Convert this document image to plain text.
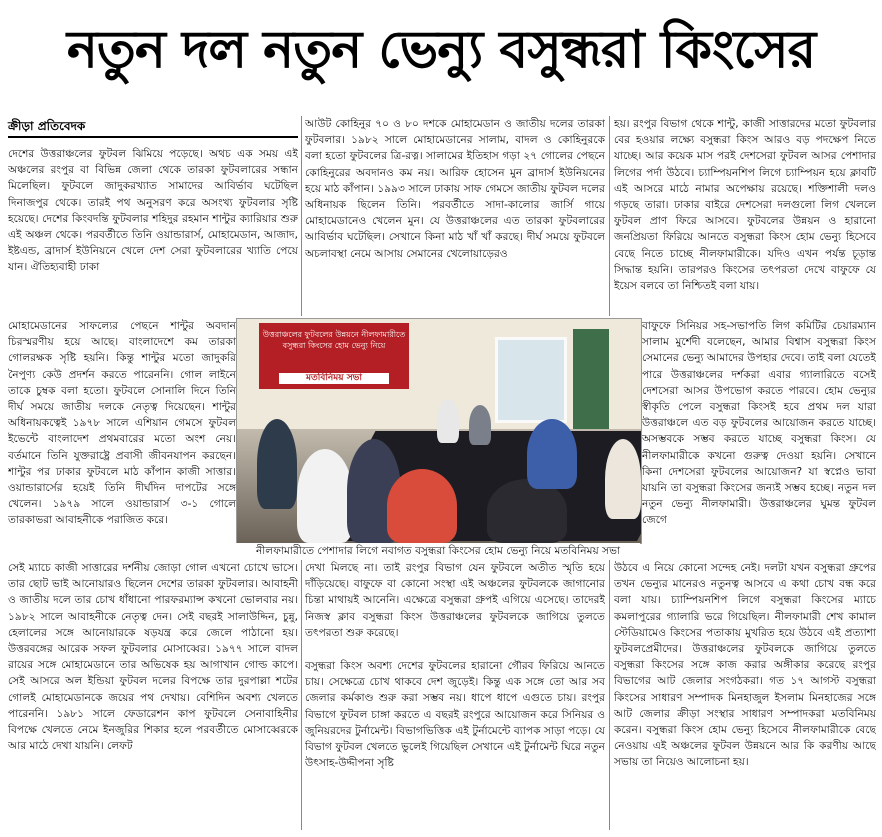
নতুন দল নতুন ভেন্যু বসুন্ধরা কিংসের
ক্রীড়া প্রতিবেদক
দেশের উত্তরাঞ্চলের ফুটবল ঝিমিয়ে পড়েছে। অথচ এক সময় এই অঞ্চলের রংপুর বা বিভিন্ন জেলা থেকে তারকা ফুটবলারের সন্ধান মিলেছিল। ফুটবলে জাদুকরখ্যাত সামাদের আবির্ভাব ঘটেছিল দিনাজপুর থেকে। তারই পথ অনুসরণ করে অসংখ্য ফুটবলার সৃষ্টি হয়েছে। দেশের কিংবদন্তি ফুটবলার শহিদুর রহমান শান্টুর ক্যারিয়ার শুরু এই অঞ্চল থেকে। পরবর্তীতে তিনি ওয়ান্ডারার্স, মোহামেডান, আজাদ, ইষ্টএন্ড, ব্রাদার্স ইউনিয়নে খেলে দেশ সেরা ফুটবলারের খ্যাতি পেয়ে যান। ঐতিহ্যবাহী ঢাকা
আউট কোহিনুর ৭০ ও ৮০ দশকে মোহামেডান ও জাতীয় দলের তারকা ফুটবলার। ১৯৮২ সালে মোহামেডানের সালাম, বাদল ও কোহিনুরকে বলা হতো ফুটবলের ত্রি-রত্ন। সালামের ইতিহাস গড়া ২৭ গোলের পেছনে কোহিনুরের অবদানও কম নয়। আরিফ হোসেন মুন ব্রাদার্স ইউনিয়নের হয়ে মাঠ কাঁপান। ১৯৯৩ সালে ঢাকায় সাফ গেমসে জাতীয় ফুটবল দলের অধিনায়ক ছিলেন তিনি। পরবর্তীতে সাদা-কালোর জার্সি গায়ে মোহামেডানেও খেলেন মুন। যে উত্তরাঞ্চলের এত তারকা ফুটবলারের আবির্ভাব ঘটেছিল। সেখানে কিনা মাঠ খাঁ খাঁ করছে। দীর্ঘ সময়ে ফুটবলে অচলাবস্থা নেমে আসায় সেমানের খেলোয়াড়েরও
হয়। রংপুর বিভাগ থেকে শান্টু, কাজী সাত্তারদের মতো ফুটবলার বের হওয়ার লক্ষ্যে বসুন্ধরা কিংস আরও বড় পদক্ষেপ নিতে যাচ্ছে। আর কয়েক মাস পরই দেশসেরা ফুটবল আসর পেশাদার লিগের পর্দা উঠবে। চ্যাম্পিয়নশিপ লিগে চ্যাম্পিয়ন হয়ে ক্লাবটি এই আসরে মাঠে নামার অপেক্ষায় রয়েছে। শক্তিশালী দলও গড়ছে তারা। ঢাকার বাইরে দেশসেরা দলগুলো লিগ খেললে ফুটবল প্রাণ ফিরে আসবে। ফুটবলের উন্নয়ন ও হারানো জনপ্রিয়তা ফিরিয়ে আনতে বসুন্ধরা কিংস হোম ভেন্যু হিসেবে বেছে নিতে চাচ্ছে নীলফামারীকে। যদিও এখন পর্যন্ত চূড়ান্ত সিদ্ধান্ত হয়নি। তারপরও কিংসের তৎপরতা দেখে বাফুফে যে ইয়েস বলবে তা নিশ্চিতই বলা যায়।
মোহামেডানের সাফল্যের পেছনে শান্টুর অবদান চিরস্মরণীয় হয়ে আছে। বাংলাদেশে কম তারকা গোলরক্ষক সৃষ্টি হয়নি। কিন্তু শান্টুর মতো জাদুকরি নৈপুণ্য কেউ প্রদর্শন করতে পারেননি। গোল লাইনে তাকে চুম্বক বলা হতো। ফুটবলে সোনালি দিনে তিনি দীর্ঘ সময়ে জাতীয় দলকে নেতৃত্ব দিয়েছেন। শান্টুর অধিনায়কত্বেই ১৯৭৮ সালে এশিয়ান গেমসে ফুটবল ইভেন্টে বাংলাদেশ প্রথমবারের মতো অংশ নেয়। বর্তমানে তিনি যুক্তরাষ্ট্রে প্রবাসী জীবনযাপন করছেন। শান্টুর পর ঢাকার ফুটবলে মাঠ কাঁপান কাজী সাত্তার। ওয়ান্ডারার্সের হয়েই তিনি দীর্ঘদিন দাপটের সঙ্গে খেলেন। ১৯৭৯ সালে ওয়ান্ডারার্স ৩-১ গোলে তারকাভরা আবাহনীকে পরাজিত করে।
বাফুফে সিনিয়র সহ-সভাপতি লিগ কমিটির চেয়ারম্যান সালাম মুর্শেদী বলেছেন, আমার বিশ্বাস বসুন্ধরা কিংস সেমানের ভেন্যু আমাদের উপহার দেবে। তাই বলা যেতেই পারে উত্তরাঞ্চলের দর্শকরা এবার গ্যালারিতে বসেই দেশসেরা আসর উপভোগ করতে পারবে। হোম ভেন্যুর স্বীকৃতি পেলে বসুন্ধরা কিংসই হবে প্রথম দল যারা উত্তরাঞ্চলে এত বড় ফুটবলের আয়োজন করতে যাচ্ছে। অসম্ভবকে সম্ভব করতে যাচ্ছে বসুন্ধরা কিংস। যে নীলফামারীকে কখনো গুরুত্ব দেওয়া হয়নি। সেখানে কিনা দেশসেরা ফুটবলের আয়োজন? যা স্বপ্নেও ভাবা যায়নি তা বসুন্ধরা কিংসের জন্যই সম্ভব হচ্ছে। নতুন দল নতুন ভেন্যু নীলফামারী। উত্তরাঞ্চলের ঘুমন্ত ফুটবল জেগে
উত্তরাঞ্চলের ফুটবলের উন্নয়নে নীলফামারীতে বসুন্ধরা কিংসের হোম ভেন্যু নিয়ে
মতবিনিময় সভা
নীলফামারীতে পেশাদার লিগে নবাগত বসুন্ধরা কিংসের হোম ভেন্যু নিয়ে মতবিনিময় সভা
সেই ম্যাচে কাজী সাত্তারের দর্শনীয় জোড়া গোল এখনো চোখে ভাসে। তার ছোট ভাই আনোয়ারও ছিলেন দেশের তারকা ফুটবলার। আবাহনী ও জাতীয় দলে তার চোখ ধাঁধানো পারফরম্যান্স কখনো ভোলবার নয়। ১৯৮২ সালে আবাহনীকে নেতৃত্ব দেন। সেই বছরই সালাউদ্দিন, চুন্নু, হেলালের সঙ্গে আনোয়ারকে ষড়যন্ত্র করে জেলে পাঠানো হয়। উত্তরবঙ্গের আরেক সফল ফুটবলার মোসাব্বের। ১৯৭৭ সালে বাদল রায়ের সঙ্গে মোহামেডানে তার অভিষেক হয় আগাখান গোল্ড কাপে। সেই আসরে অল ইন্ডিয়া ফুটবল দলের বিপক্ষে তার দুরপাল্লা শটের গোলই মোহামেডানকে জয়ের পথ দেখায়। বেশিদিন অবশ্য খেলতে পারেননি। ১৯৮১ সালে ফেডারেশন কাপ ফুটবলে সেনাবাহিনীর বিপক্ষে খেলতে নেমে ইনজুরির শিকার হলে পরবর্তীতে মোসাব্বেরকে আর মাঠে দেখা যায়নি। লেফট
দেখা মিলছে না। তাই রংপুর বিভাগ যেন ফুটবলে অতীত স্মৃতি হয়ে দাঁড়িয়েছে। বাফুফে বা কোনো সংস্থা এই অঞ্চলের ফুটবলকে জাগানোর চিন্তা মাথায়ই আনেনি। এক্ষেত্রে বসুন্ধরা গ্রুপই এগিয়ে এসেছে। তাদেরই নিজস্ব ক্লাব বসুন্ধরা কিংস উত্তরাঞ্চলের ফুটবলকে জাগিয়ে তুলতে তৎপরতা শুরু করেছে।
বসুন্ধরা কিংস অবশ্য দেশের ফুটবলের হারানো গৌরব ফিরিয়ে আনতে চায়। সেক্ষেত্রে চোখ থাকবে দেশ জুড়েই। কিন্তু এক সঙ্গে তো আর সব জেলার কর্মকাণ্ড শুরু করা সম্ভব নয়। ধাপে ধাপে এগুতে চায়। রংপুর বিভাগে ফুটবল চাঙ্গা করতে এ বছরই রংপুরে আয়োজন করে সিনিয়র ও জুনিয়রদের টুর্নামেন্ট। বিভাগভিত্তিক এই টুর্নামেন্টে ব্যাপক সাড়া পড়ে। যে বিভাগ ফুটবল খেলতে ভুলেই গিয়েছিল সেখানে এই টুর্নামেন্ট ঘিরে নতুন উৎসাহ-উদ্দীপনা সৃষ্টি
উঠবে এ নিয়ে কোনো সন্দেহ নেই। দলটা যখন বসুন্ধরা গ্রুপের তখন ভেন্যুর মানেরও নতুনত্ব আসবে এ কথা চোখ বন্ধ করে বলা যায়। চ্যাম্পিয়নশিপ লিগে বসুন্ধরা কিংসের ম্যাচে কমলাপুরের গ্যালারি ভরে গিয়েছিল। নীলফামারী শেখ কামাল স্টেডিয়ামেও কিংসের পতাকায় মুখরিত হয়ে উঠবে এই প্রত্যাশা ফুটবলপ্রেমীদের। উত্তরাঞ্চলের ফুটবলকে জাগিয়ে তুলতে বসুন্ধরা কিংসের সঙ্গে কাজ করার অঙ্গীকার করেছে রংপুর বিভাগের আট জেলার সংগঠকরা। গত ১৭ আগস্ট বসুন্ধরা কিংসের সাধারণ সম্পাদক মিনহাজুল ইসলাম মিনহাজের সঙ্গে আট জেলার ক্রীড়া সংস্থার সাধারণ সম্পাদকরা মতবিনিময় করেন। বসুন্ধরা কিংস হোম ভেন্যু হিসেবে নীলফামারীকে বেছে নেওয়ায় এই অঞ্চলের ফুটবল উন্নয়নে আর কি করণীয় আছে সভায় তা নিয়েও আলোচনা হয়।
